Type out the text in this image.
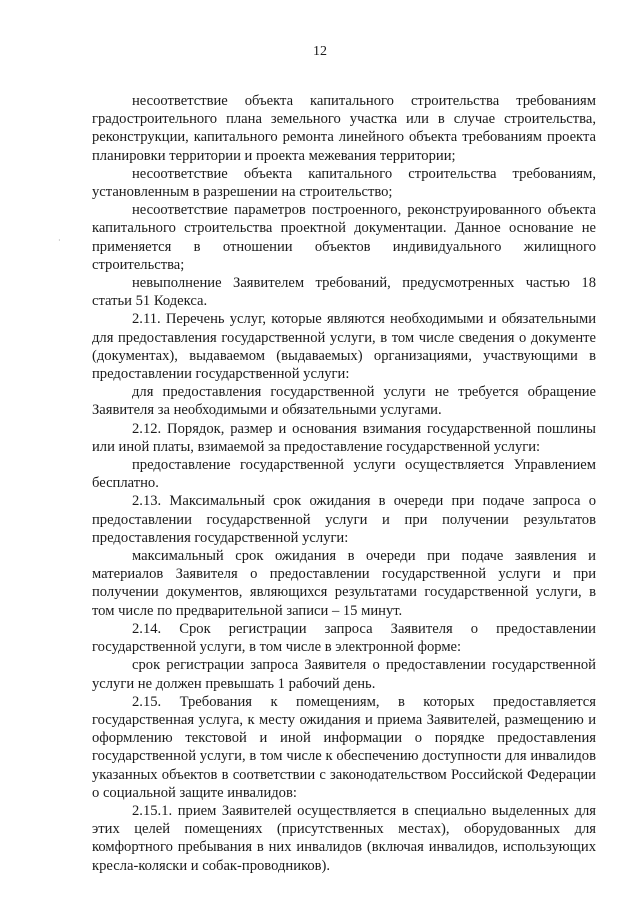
12
·

несоответствие объекта капитального строительства требованиям градостроительного плана земельного участка или в случае строительства, реконструкции, капитального ремонта линейного объекта требованиям проекта планировки территории и проекта межевания территории;

несоответствие объекта капитального строительства требованиям, установленным в разрешении на строительство;

несоответствие параметров построенного, реконструированного объекта капитального строительства проектной документации. Данное основание не применяется в отношении объектов индивидуального жилищного строительства;

невыполнение Заявителем требований, предусмотренных частью 18 статьи 51 Кодекса.

2.11. Перечень услуг, которые являются необходимыми и обязательными для предоставления государственной услуги, в том числе сведения о документе (документах), выдаваемом (выдаваемых) организациями, участвующими в предоставлении государственной услуги:

для предоставления государственной услуги не требуется обращение Заявителя за необходимыми и обязательными услугами.

2.12. Порядок, размер и основания взимания государственной пошлины или иной платы, взимаемой за предоставление государственной услуги:

предоставление государственной услуги осуществляется Управлением бесплатно.

2.13. Максимальный срок ожидания в очереди при подаче запроса о предоставлении государственной услуги и при получении результатов предоставления государственной услуги:

максимальный срок ожидания в очереди при подаче заявления и материалов Заявителя о предоставлении государственной услуги и при получении документов, являющихся результатами государственной услуги, в том числе по предварительной записи – 15 минут.

2.14. Срок регистрации запроса Заявителя о предоставлении государственной услуги, в том числе в электронной форме:

срок регистрации запроса Заявителя о предоставлении государственной услуги не должен превышать 1 рабочий день.

2.15. Требования к помещениям, в которых предоставляется государственная услуга, к месту ожидания и приема Заявителей, размещению и оформлению текстовой и иной информации о порядке предоставления государственной услуги, в том числе к обеспечению доступности для инвалидов указанных объектов в соответствии с законодательством Российской Федерации о социальной защите инвалидов:

2.15.1. прием Заявителей осуществляется в специально выделенных для этих целей помещениях (присутственных местах), оборудованных для комфортного пребывания в них инвалидов (включая инвалидов, использующих кресла-коляски и собак-проводников).
